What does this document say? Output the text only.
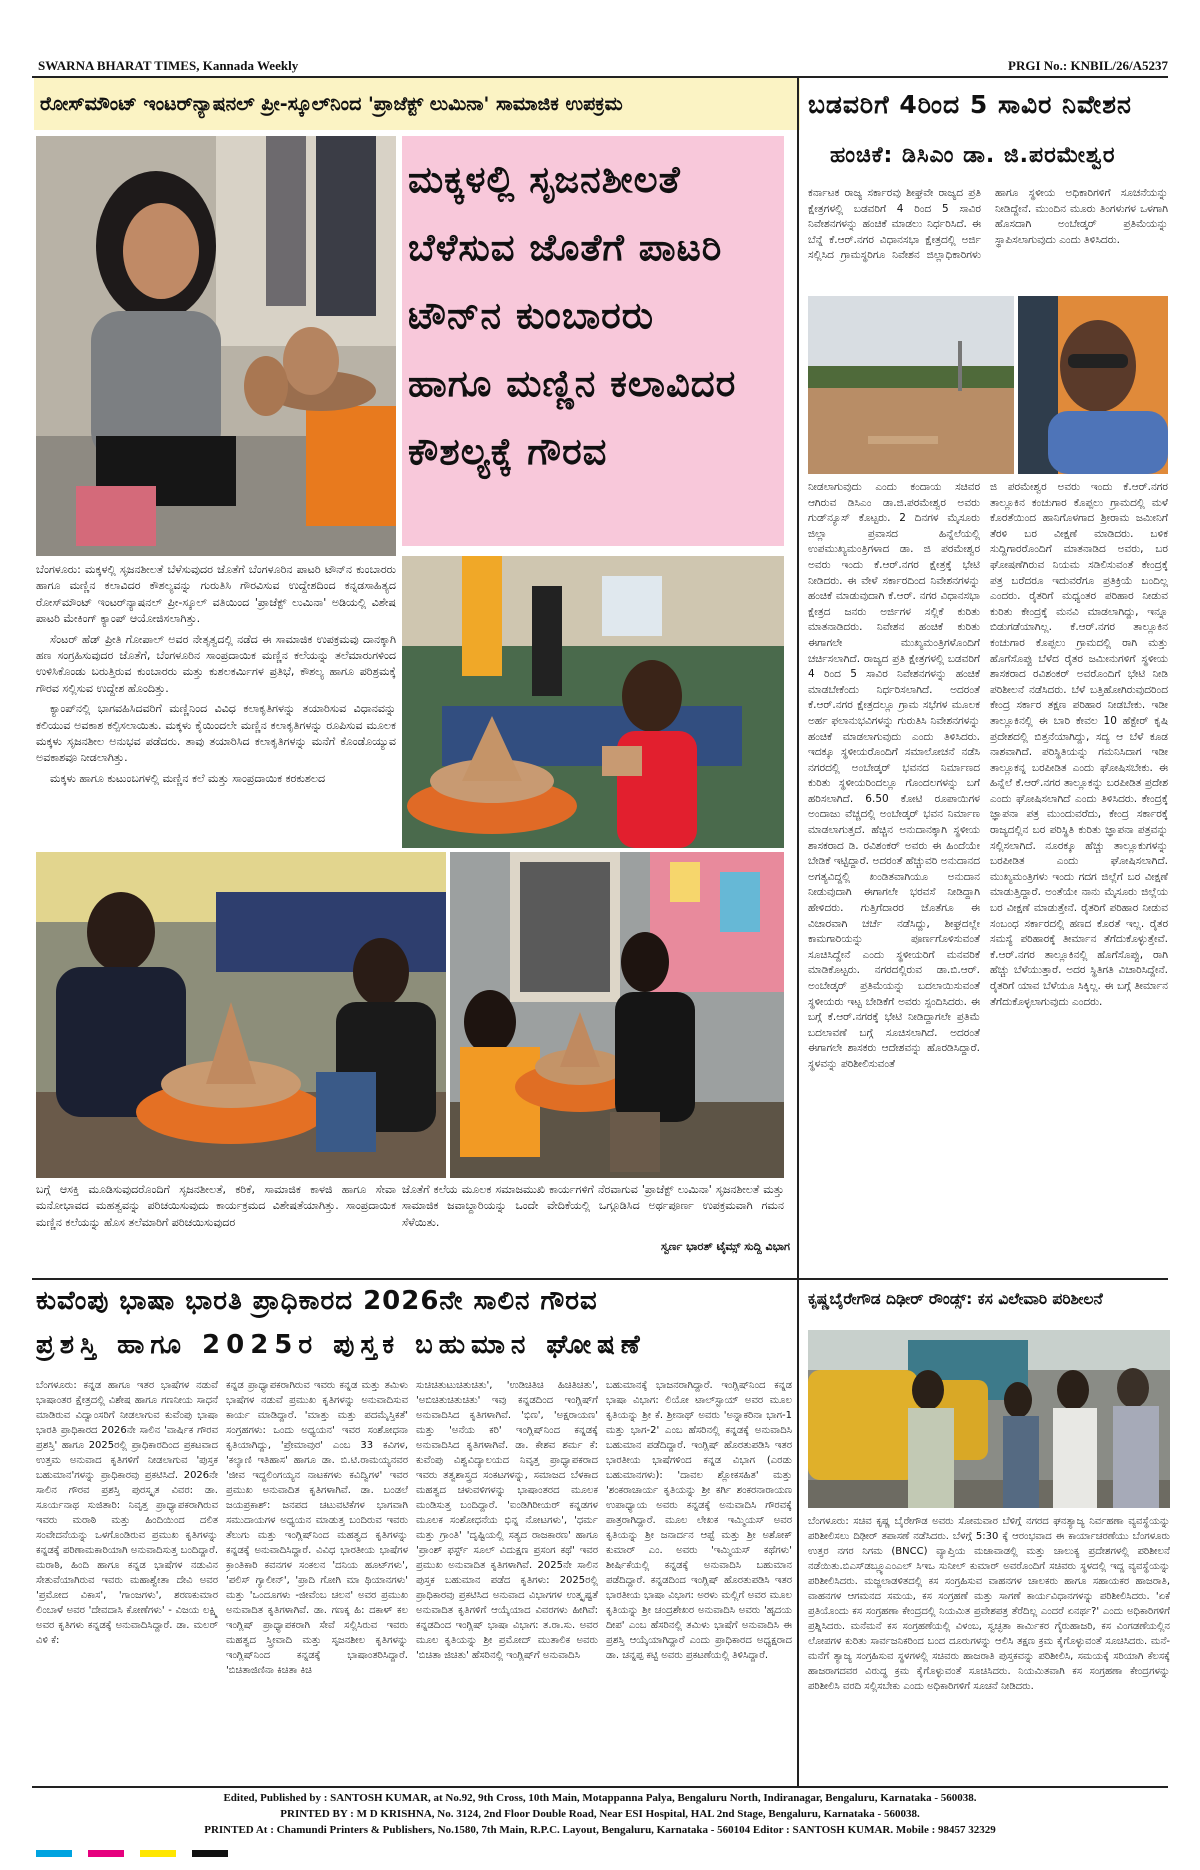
SWARNA BHARAT TIMES, Kannada Weekly	PRGI No.: KNBIL/26/A5237
ರೋಸ್‌ಮೌಂಟ್ ಇಂಟರ್‌ನ್ಯಾಷನಲ್ ಪ್ರೀ-ಸ್ಕೂಲ್‌ನಿಂದ 'ಪ್ರಾಜೆಕ್ಟ್ ಲುಮಿನಾ' ಸಾಮಾಜಿಕ ಉಪಕ್ರಮ
ಮಕ್ಕಳಲ್ಲಿ ಸೃಜನಶೀಲತೆ
ಬೆಳೆಸುವ ಜೊತೆಗೆ ಪಾಟರಿ
ಟೌನ್‌ನ ಕುಂಬಾರರು
ಹಾಗೂ ಮಣ್ಣಿನ ಕಲಾವಿದರ
ಕೌಶಲ್ಯಕ್ಕೆ ಗೌರವ

ಬೆಂಗಳೂರು: ಮಕ್ಕಳಲ್ಲಿ ಸೃಜನಶೀಲತೆ ಬೆಳೆಸುವುದರ ಜೊತೆಗೆ ಬೆಂಗಳೂರಿನ ಪಾಟರಿ ಟೌನ್‌ನ ಕುಂಬಾರರು ಹಾಗೂ ಮಣ್ಣಿನ ಕಲಾವಿದರ ಕೌಶಲ್ಯವನ್ನು ಗುರುತಿಸಿ ಗೌರವಿಸುವ ಉದ್ದೇಶದಿಂದ ಕನ್ನಡಸಾಹಿತ್ಯದ ರೋಸ್‌ಮೌಂಟ್ ಇಂಟರ್‌ನ್ಯಾಷನಲ್ ಪ್ರೀ-ಸ್ಕೂಲ್ ವತಿಯಿಂದ 'ಪ್ರಾಜೆಕ್ಟ್ ಲುಮಿನಾ' ಅಡಿಯಲ್ಲಿ ವಿಶೇಷ ಪಾಟರಿ ಮೇಕಿಂಗ್ ಕ್ಯಾಂಪ್ ಆಯೋಜಿಸಲಾಗಿತ್ತು.

ಸೆಂಟರ್ ಹೆಡ್ ಪ್ರೀತಿ ಗೋಪಾಲ್ ಅವರ ನೇತೃತ್ವದಲ್ಲಿ ನಡೆದ ಈ ಸಾಮಾಜಿಕ ಉಪಕ್ರಮವು ದಾನಕ್ಕಾಗಿ ಹಣ ಸಂಗ್ರಹಿಸುವುದರ ಜೊತೆಗೆ, ಬೆಂಗಳೂರಿನ ಸಾಂಪ್ರದಾಯಿಕ ಮಣ್ಣಿನ ಕಲೆಯನ್ನು ತಲೆಮಾರುಗಳಿಂದ ಉಳಿಸಿಕೊಂಡು ಬರುತ್ತಿರುವ ಕುಂಬಾರರು ಮತ್ತು ಕುಶಲಕರ್ಮಿಗಳ ಪ್ರತಿಭೆ, ಕೌಶಲ್ಯ ಹಾಗೂ ಪರಿಶ್ರಮಕ್ಕೆ ಗೌರವ ಸಲ್ಲಿಸುವ ಉದ್ದೇಶ ಹೊಂದಿತ್ತು.

ಕ್ಯಾಂಪ್‌ನಲ್ಲಿ ಭಾಗವಹಿಸಿದವರಿಗೆ ಮಣ್ಣಿನಿಂದ ವಿವಿಧ ಕಲಾಕೃತಿಗಳನ್ನು ತಯಾರಿಸುವ ವಿಧಾನವನ್ನು ಕಲಿಯುವ ಅವಕಾಶ ಕಲ್ಪಿಸಲಾಯಿತು. ಮಕ್ಕಳು ಕೈಯಿಂದಲೇ ಮಣ್ಣಿನ ಕಲಾಕೃತಿಗಳನ್ನು ರೂಪಿಸುವ ಮೂಲಕ ಮಕ್ಕಳು ಸೃಜನಶೀಲ ಅನುಭವ ಪಡೆದರು. ತಾವು ತಯಾರಿಸಿದ ಕಲಾಕೃತಿಗಳನ್ನು ಮನೆಗೆ ಕೊಂಡೊಯ್ಯುವ ಅವಕಾಶವೂ ನೀಡಲಾಗಿತ್ತು.

ಮಕ್ಕಳು ಹಾಗೂ ಕುಟುಂಬಗಳಲ್ಲಿ ಮಣ್ಣಿನ ಕಲೆ ಮತ್ತು ಸಾಂಪ್ರದಾಯಿಕ ಕರಕುಶಲದ

ಬಗ್ಗೆ ಆಸಕ್ತಿ ಮೂಡಿಸುವುದರೊಂದಿಗೆ ಸೃಜನಶೀಲತೆ, ಕರಿಕೆ, ಸಾಮಾಜಿಕ ಕಾಳಜಿ ಹಾಗೂ ಸೇವಾ ಮನೋಭಾವದ ಮಹತ್ವವನ್ನು ಪರಿಚಯಿಸುವುದು ಕಾರ್ಯಕ್ರಮದ ವಿಶೇಷತೆಯಾಗಿತ್ತು. ಸಾಂಪ್ರದಾಯಿಕ ಮಣ್ಣಿನ ಕಲೆಯನ್ನು ಹೊಸ ತಲೆಮಾರಿಗೆ ಪರಿಚಯಿಸುವುದರ
ಜೊತೆಗೆ ಕಲೆಯ ಮೂಲಕ ಸಮಾಜಮುಖಿ ಕಾರ್ಯಗಳಿಗೆ ನೆರವಾಗುವ 'ಪ್ರಾಜೆಕ್ಟ್ ಲುಮಿನಾ' ಸೃಜನಶೀಲತೆ ಮತ್ತು ಸಾಮಾಜಿಕ ಜವಾಬ್ದಾರಿಯನ್ನು ಒಂದೇ ವೇದಿಕೆಯಲ್ಲಿ ಒಗ್ಗೂಡಿಸಿದ ಅರ್ಥಪೂರ್ಣ ಉಪಕ್ರಮವಾಗಿ ಗಮನ ಸೆಳೆಯಿತು.
ಸ್ವರ್ಣ ಭಾರತ್ ಟೈಮ್ಸ್ ಸುದ್ದಿ ವಿಭಾಗ
ಬಡವರಿಗೆ 4ರಿಂದ 5 ಸಾವಿರ ನಿವೇಶನ
ಹಂಚಿಕೆ: ಡಿಸಿಎಂ ಡಾ. ಜಿ.ಪರಮೇಶ್ವರ
ಕರ್ನಾಟಕ ರಾಜ್ಯ ಸರ್ಕಾರವು ಶೀಘ್ರವೇ ರಾಜ್ಯದ ಪ್ರತಿ ಕ್ಷೇತ್ರಗಳಲ್ಲಿ ಬಡವರಿಗೆ 4 ರಿಂದ 5 ಸಾವಿರ ನಿವೇಶನಗಳನ್ನು ಹಂಚಿಕೆ ಮಾಡಲು ನಿರ್ಧರಿಸಿದೆ. ಈ ಬೆನ್ನೆ ಕೆ.ಆರ್.ನಗರ ವಿಧಾನಸಭಾ ಕ್ಷೇತ್ರದಲ್ಲಿ ಅರ್ಜಿ ಸಲ್ಲಿಸಿದ ಗ್ರಾಮಸ್ಥರಿಗೂ ನಿವೇಶನ ಜಿಲ್ಲಾಧಿಕಾರಿಗಳು ಹಾಗೂ ಸ್ಥಳೀಯ ಅಧಿಕಾರಿಗಳಿಗೆ ಸೂಚನೆಯನ್ನು ನೀಡಿದ್ದೇನೆ. ಮುಂದಿನ ಮೂರು ತಿಂಗಳುಗಳ ಒಳಗಾಗಿ ಹೊಸದಾಗಿ ಅಂಬೇಡ್ಕರ್ ಪ್ರತಿಮೆಯನ್ನು ಸ್ಥಾಪಿಸಲಾಗುವುದು ಎಂದು ತಿಳಿಸಿದರು.
ನೀಡಲಾಗುವುದು ಎಂದು ಕಂದಾಯ ಸಚಿವರ ಆಗಿರುವ ಡಿಸಿಎಂ ಡಾ.ಜಿ.ಪರಮೇಶ್ವರ ಅವರು ಗುಡ್‌ನ್ಯೂಸ್ ಕೊಟ್ಟರು. 2 ದಿನಗಳ ಮೈಸೂರು ಜಿಲ್ಲಾ ಪ್ರವಾಸದ ಹಿನ್ನೆಲೆಯಲ್ಲಿ ಉಪಮುಖ್ಯಮಂತ್ರಿಗಳಾದ ಡಾ. ಜಿ ಪರಮೇಶ್ವರ ಅವರು ಇಂದು ಕೆ.ಆರ್.ನಗರ ಕ್ಷೇತ್ರಕ್ಕೆ ಭೇಟಿ ನೀಡಿದರು. ಈ ವೇಳೆ ಸರ್ಕಾರದಿಂದ ನಿವೇಶನಗಳನ್ನು ಹಂಚಿಕೆ ಮಾಡುವುದಾಗಿ ಕೆ.ಆರ್. ನಗರ ವಿಧಾನಸಭಾ ಕ್ಷೇತ್ರದ ಜನರು ಅರ್ಜಿಗಳ ಸಲ್ಲಿಕೆ ಕುರಿತು ಮಾತನಾಡಿದರು. ನಿವೇಶನ ಹಂಚಿಕೆ ಕುರಿತು ಈಗಾಗಲೇ ಮುಖ್ಯಮಂತ್ರಿಗಳೊಂದಿಗೆ ಚರ್ಚಿಸಲಾಗಿದೆ. ರಾಜ್ಯದ ಪ್ರತಿ ಕ್ಷೇತ್ರಗಳಲ್ಲಿ ಬಡವರಿಗೆ 4 ರಿಂದ 5 ಸಾವಿರ ನಿವೇಶನಗಳನ್ನು ಹಂಚಿಕೆ ಮಾಡಬೇಕೆಂದು ನಿರ್ಧರಿಸಲಾಗಿದೆ. ಅದರಂತೆ ಕೆ.ಆರ್.ನಗರ ಕ್ಷೇತ್ರದಲ್ಲೂ ಗ್ರಾಮ ಸಭೆಗಳ ಮೂಲಕ ಅರ್ಹ ಫಲಾನುಭವಿಗಳನ್ನು ಗುರುತಿಸಿ ನಿವೇಶನಗಳನ್ನು ಹಂಚಿಕೆ ಮಾಡಲಾಗುವುದು ಎಂದು ತಿಳಿಸಿದರು. ಇದಕ್ಕೂ ಸ್ಥಳೀಯರೊಂದಿಗೆ ಸಮಾಲೋಚನೆ ನಡೆಸಿ ನಗರದಲ್ಲಿ ಅಂಬೇಡ್ಕರ್ ಭವನದ ನಿರ್ಮಾಣದ ಕುರಿತು ಸ್ಥಳೀಯರಿಂದಲ್ಲೂ ಗೊಂದಲಗಳನ್ನು ಬಗೆ ಹರಿಸಲಾಗಿದೆ. 6.50 ಕೋಟಿ ರೂಪಾಯಿಗಳ ಅಂದಾಜು ವೆಚ್ಚದಲ್ಲಿ ಅಂಬೇಡ್ಕರ್ ಭವನ ನಿರ್ಮಾಣ ಮಾಡಲಾಗುತ್ತದೆ. ಹೆಚ್ಚಿನ ಅನುದಾನಕ್ಕಾಗಿ ಸ್ಥಳೀಯ ಶಾಸಕರಾದ ಡಿ. ರವಿಶಂಕರ್ ಅವರು ಈ ಹಿಂದೆಯೇ ಬೇಡಿಕೆ ಇಟ್ಟಿದ್ದಾರೆ. ಅದರಂತೆ ಹೆಚ್ಚುವರಿ ಅನುದಾನದ ಅಗತ್ಯವಿದ್ದಲ್ಲಿ ಖಂಡಿತವಾಗಿಯೂ ಅನುದಾನ ನೀಡುವುದಾಗಿ ಈಗಾಗಲೇ ಭರವಸೆ ನೀಡಿದ್ದಾಗಿ ಹೇಳಿದರು. ಗುತ್ತಿಗೆದಾರರ ಜೊತೆಗೂ ಈ ವಿಚಾರವಾಗಿ ಚರ್ಚೆ ನಡೆಸಿದ್ದು, ಶೀಘ್ರದಲ್ಲೇ ಕಾಮಗಾರಿಯನ್ನು ಪೂರ್ಣಗೊಳಿಸುವಂತೆ ಸೂಚಿಸಿದ್ದೇನೆ ಎಂದು ಸ್ಥಳೀಯರಿಗೆ ಮನವರಿಕೆ ಮಾಡಿಕೊಟ್ಟರು. ನಗರದಲ್ಲಿರುವ ಡಾ.ಬಿ.ಆರ್. ಅಂಬೇಡ್ಕರ್ ಪ್ರತಿಮೆಯನ್ನು ಬದಲಾಯಿಸುವಂತೆ ಸ್ಥಳೀಯರು ಇಟ್ಟ ಬೇಡಿಕೆಗೆ ಅವರು ಸ್ಪಂದಿಸಿದರು. ಈ ಬಗ್ಗೆ ಕೆ.ಆರ್.ನಗರಕ್ಕೆ ಭೇಟಿ ನೀಡಿದ್ದಾಗಲೇ ಪ್ರತಿಮೆ ಬದಲಾವಣೆ ಬಗ್ಗೆ ಸೂಚಿಸಲಾಗಿದೆ. ಅದರಂತೆ ಈಗಾಗಲೇ ಶಾಸಕರು ಆದೇಶವನ್ನು ಹೊರಡಿಸಿದ್ದಾರೆ. ಸ್ಥಳವನ್ನು ಪರಿಶೀಲಿಸುವಂತೆ
ಜಿ ಪರಮೇಶ್ವರ ಅವರು ಇಂದು ಕೆ.ಆರ್.ನಗರ ತಾಲ್ಲೂಕಿನ ಕಂಚುಗಾರ ಕೊಪ್ಪಲು ಗ್ರಾಮದಲ್ಲಿ ಮಳೆ ಕೊರತೆಯಿಂದ ಹಾನಿಗೊಳಗಾದ ಶ್ರೀರಾಮ ಜಮೀನಿಗೆ ತೆರಳಿ ಬರ ವೀಕ್ಷಣೆ ಮಾಡಿದರು. ಬಳಿಕ ಸುದ್ದಿಗಾರರೊಂದಿಗೆ ಮಾತನಾಡಿದ ಅವರು, ಬರ ಘೋಷಣೆಗಿರುವ ನಿಯಮ ಸಡಿಲಿಸುವಂತೆ ಕೇಂದ್ರಕ್ಕೆ ಪತ್ರ ಬರೆದರೂ ಇದುವರೆಗೂ ಪ್ರತಿಕ್ರಿಯೆ ಬಂದಿಲ್ಲ ಎಂದರು. ರೈತರಿಗೆ ಮಧ್ಯಂತರ ಪರಿಹಾರ ನೀಡುವ ಕುರಿತು ಕೇಂದ್ರಕ್ಕೆ ಮನವಿ ಮಾಡಲಾಗಿದ್ದು, ಇನ್ನೂ ಬಿಡುಗಡೆಯಾಗಿಲ್ಲ. ಕೆ.ಆರ್.ನಗರ ತಾಲ್ಲೂಕಿನ ಕಂಚುಗಾರ ಕೊಪ್ಪಲು ಗ್ರಾಮದಲ್ಲಿ ರಾಗಿ ಮತ್ತು ಹೊಗೆಸೊಪ್ಪು ಬೆಳೆದ ರೈತರ ಜಮೀನುಗಳಿಗೆ ಸ್ಥಳೀಯ ಶಾಸಕರಾದ ರವಿಶಂಕರ್ ಅವರೊಂದಿಗೆ ಭೇಟಿ ನೀಡಿ ಪರಿಶೀಲನೆ ನಡೆಸಿದರು. ಬೆಳೆ ಬತ್ತಿಹೋಗಿರುವುದರಿಂದ ಕೇಂದ್ರ ಸರ್ಕಾರ ತಕ್ಷಣ ಪರಿಹಾರ ನೀಡಬೇಕು. ಇಡೀ ತಾಲ್ಲೂಕಿನಲ್ಲಿ ಈ ಬಾರಿ ಕೇವಲ 10 ಹೆಕ್ಟೇರ್ ಕೃಷಿ ಪ್ರದೇಶದಲ್ಲಿ ಬಿತ್ತನೆಯಾಗಿದ್ದು, ಸದ್ಯ ಆ ಬೆಳೆ ಕೂಡ ನಾಶವಾಗಿದೆ. ಪರಿಸ್ಥಿತಿಯನ್ನು ಗಮನಿಸಿದಾಗ ಇಡೀ ತಾಲ್ಲೂಕನ್ನ ಬರಪೀಡಿತ ಎಂದು ಘೋಷಿಸಬೇಕು. ಈ ಹಿನ್ನೆಲೆ ಕೆ.ಆರ್.ನಗರ ತಾಲ್ಲೂಕನ್ನು ಬರಪೀಡಿತ ಪ್ರದೇಶ ಎಂದು ಘೋಷಿಸಲಾಗಿದೆ ಎಂದು ತಿಳಿಸಿದರು. ಕೇಂದ್ರಕ್ಕೆ ಜ್ಞಾಪನಾ ಪತ್ರ ಮುಂದುವರೆದು, ಕೇಂದ್ರ ಸರ್ಕಾರಕ್ಕೆ ರಾಜ್ಯದಲ್ಲಿನ ಬರ ಪರಿಸ್ಥಿತಿ ಕುರಿತು ಜ್ಞಾಪನಾ ಪತ್ರವನ್ನು ಸಲ್ಲಿಸಲಾಗಿದೆ. ನೂರಕ್ಕೂ ಹೆಚ್ಚು ತಾಲ್ಲೂಕುಗಳನ್ನು ಬರಪೀಡಿತ ಎಂದು ಘೋಷಿಸಲಾಗಿದೆ. ಮುಖ್ಯಮಂತ್ರಿಗಳು ಇಂದು ಗದಗ ಜಿಲ್ಲೆಗೆ ಬರ ವೀಕ್ಷಣೆ ಮಾಡುತ್ತಿದ್ದಾರೆ. ಅಂತೆಯೇ ನಾನು ಮೈಸೂರು ಜಿಲ್ಲೆಯ ಬರ ವೀಕ್ಷಣೆ ಮಾಡುತ್ತೇನೆ. ರೈತರಿಗೆ ಪರಿಹಾರ ನೀಡುವ ಸಂಬಂಧ ಸರ್ಕಾರದಲ್ಲಿ ಹಣದ ಕೊರತೆ ಇಲ್ಲ. ರೈತರ ಸಮಸ್ಯೆ ಪರಿಹಾರಕ್ಕೆ ತೀರ್ಮಾನ ತೆಗೆದುಕೊಳ್ಳುತ್ತೇವೆ. ಕೆ.ಆರ್.ನಗರ ತಾಲ್ಲೂಕಿನಲ್ಲಿ ಹೊಗೆಸೊಪ್ಪು, ರಾಗಿ ಹೆಚ್ಚು ಬೆಳೆಯುತ್ತಾರೆ. ಅದರ ಸ್ಥಿತಿಗತಿ ವಿಚಾರಿಸಿದ್ದೇನೆ. ರೈತರಿಗೆ ಯಾವ ಬೆಳೆಯೂ ಸಿಕ್ಕಿಲ್ಲ. ಈ ಬಗ್ಗೆ ತೀರ್ಮಾನ ತೆಗೆದುಕೊಳ್ಳಲಾಗುವುದು ಎಂದರು.
ಕುವೆಂಪು ಭಾಷಾ ಭಾರತಿ ಪ್ರಾಧಿಕಾರದ 2026ನೇ ಸಾಲಿನ ಗೌರವ
ಪ್ರಶಸ್ತಿ ಹಾಗೂ 2025ರ ಪುಸ್ತಕ ಬಹುಮಾನ ಘೋಷಣೆ
ಬೆಂಗಳೂರು: ಕನ್ನಡ ಹಾಗೂ ಇತರ ಭಾಷೆಗಳ ನಡುವೆ ಭಾಷಾಂತರ ಕ್ಷೇತ್ರದಲ್ಲಿ ವಿಶೇಷ ಹಾಗೂ ಗಣನೀಯ ಸಾಧನೆ ಮಾಡಿರುವ ವಿದ್ವಾಂಸರಿಗೆ ನೀಡಲಾಗುವ ಕುವೆಂಪು ಭಾಷಾ ಭಾರತಿ ಪ್ರಾಧಿಕಾರದ 2026ನೇ ಸಾಲಿನ 'ವಾರ್ಷಿಕ ಗೌರವ ಪ್ರಶಸ್ತಿ' ಹಾಗೂ 2025ರಲ್ಲಿ ಪ್ರಾಧಿಕಾರದಿಂದ ಪ್ರಕಟವಾದ ಉತ್ತಮ ಅನುವಾದ ಕೃತಿಗಳಿಗೆ ನೀಡಲಾಗುವ 'ಪುಸ್ತಕ ಬಹುಮಾನ'ಗಳನ್ನು ಪ್ರಾಧಿಕಾರವು ಪ್ರಕಟಿಸಿದೆ. 2026ನೇ ಸಾಲಿನ ಗೌರವ ಪ್ರಶಸ್ತಿ ಪುರಸ್ಕೃತ ವಿವರ: ಡಾ. ಸೂರ್ಯನಾಥ ಸುಜಿತಾರಿ: ನಿವೃತ್ತ ಪ್ರಾಧ್ಯಾಪಕರಾಗಿರುವ ಇವರು ಮರಾಠಿ ಮತ್ತು ಹಿಂದಿಯಿಂದ ದಲಿತ ಸಂವೇದನೆಯನ್ನು ಒಳಗೊಂಡಿರುವ ಪ್ರಮುಖ ಕೃತಿಗಳನ್ನು ಕನ್ನಡಕ್ಕೆ ಪರಿಣಾಮಕಾರಿಯಾಗಿ ಅನುವಾದಿಸುತ್ತ ಬಂದಿದ್ದಾರೆ. ಮರಾಠಿ, ಹಿಂದಿ ಹಾಗೂ ಕನ್ನಡ ಭಾಷೆಗಳ ನಡುವಿನ ಸೇತುವೆಯಾಗಿರುವ ಇವರು ಮಹಾಶ್ವೇತಾ ದೇವಿ ಅವರ 'ಪ್ರಮೋದ ವಿಕಾಸ', 'ಗಾಂಜಗಳು', ಶರಣಕುಮಾರ ಲಿಂಬಾಳೆ ಅವರ 'ದೇವದಾಸಿ ಕೋಣೆಗಳು' - ವಿಜಯ ಲಕ್ಷ್ಮಿ ಅವರ ಕೃತಿಗಳು ಕನ್ನಡಕ್ಕೆ ಅನುವಾದಿಸಿದ್ದಾರೆ. ಡಾ. ಮಲರ್ ವಿಳಿ ಕೆ:
ಕನ್ನಡ ಪ್ರಾಧ್ಯಾಪಕರಾಗಿರುವ ಇವರು ಕನ್ನಡ ಮತ್ತು ತಮಿಳು ಭಾಷೆಗಳ ನಡುವೆ ಪ್ರಮುಖ ಕೃತಿಗಳನ್ನು ಅನುವಾದಿಸುವ ಕಾರ್ಯ ಮಾಡಿದ್ದಾರೆ. 'ಮಾತ್ತು ಮತ್ತು ಪದಮೈಸ್ತಿಕತೆ' ಸಂಗ್ರಹಗಳು: ಒಂದು ಅಧ್ಯಯನ' ಇವರ ಸಂಶೋಧನಾ ಕೃತಿಯಾಗಿದ್ದು, 'ಪ್ರೇಮಾವುರ' ಎಂಬ 33 ಕವಿಗಳ, 'ಕಲ್ಯಾಣಿ ಇತಿಹಾಸ' ಹಾಗೂ ಡಾ. ಬಿ.ಟಿ.ರಾಮಯ್ಯನವರ 'ಜೀವ ಇದ್ದಲಿಂಗಯ್ಯನ ನಾಟಕಗಳು ಕವಿದ್ವಿಗಳ' ಇವರ ಪ್ರಮುಖ ಅನುವಾದಿತ ಕೃತಿಗಳಾಗಿವೆ. ಡಾ. ಬಂಡಲೆ ಜಯಪ್ರಕಾಶ್: ಜನಪದ ಚಟುವಟಿಕೆಗಳ ಭಾಗವಾಗಿ ಸಮುದಾಯಗಳ ಅಧ್ಯಯನ ಮಾಡುತ್ತ ಬಂದಿರುವ ಇವರು ತೆಲುಗು ಮತ್ತು ಇಂಗ್ಲಿಷ್‌ನಿಂದ ಮಹತ್ವದ ಕೃತಿಗಳನ್ನು ಕನ್ನಡಕ್ಕೆ ಅನುವಾದಿಸಿದ್ದಾರೆ. ವಿವಿಧ ಭಾರತೀಯ ಭಾಷೆಗಳ ಕ್ರಾಂತಿಕಾರಿ ಕವನಗಳ ಸಂಕಲನ 'ದನಿಯ ಹೂಟ್‌ಗಳು', 'ಪಲಿಸ್ ಗ್ಯಾಲೀನ್', 'ಪ್ರಾದಿ ಗೋಗಿ ಮಾ ಥಿಯಾನಗಳು' ಮತ್ತು 'ಒಂದೂಗಳು -ಜೀವೆಂಬ ಚಲನ' ಅವರ ಪ್ರಮುಖ ಅನುವಾದಿತ ಕೃತಿಗಳಾಗಿವೆ. ಡಾ. ಗಣಕ್ಕ ಹಿ: ದಕಾಳ್ ಕಲ ಇಂಗ್ಲಿಷ್ ಪ್ರಾಧ್ಯಾಪಕರಾಗಿ ಸೇವೆ ಸಲ್ಲಿಸಿರುವ ಇವರು ಮಹತ್ವದ ಸ್ತ್ರೀವಾದಿ ಮತ್ತು ಸೃಜನಶೀಲ ಕೃತಿಗಳನ್ನು ಇಂಗ್ಲಿಷ್‌ನಿಂದ ಕನ್ನಡಕ್ಕೆ ಭಾಷಾಂತರಿಸಿದ್ದಾರೆ. 'ಬಿಚಿತಾಜಿಣಿನಾ ಕಿಚಿತಾ ಕಿಚಿ
ಸುಚಿಚಿತುಟುಚಿತುಚಿತು', 'ಉಡಿಚಿತಿಚಿ ಹಿಚಿತಿಚಿತು', 'ಅಬಿಚಿತುಚಿತುಚಿತು' ಇವು ಕನ್ನಡದಿಂದ ಇಂಗ್ಲಿಷ್‌ಗೆ ಅನುವಾದಿಸಿದ ಕೃತಿಗಳಾಗಿವೆ. 'ಭಿಣ', 'ಅಕ್ಷರಾಯಣ' ಮತ್ತು 'ಅನೆಯ ಕರಿ' ಇಂಗ್ಲಿಷ್‌ನಿಂದ ಕನ್ನಡಕ್ಕೆ ಅನುವಾದಿಸಿದ ಕೃತಿಗಳಾಗಿವೆ. ಡಾ. ಕೇಶವ ಶರ್ಮ ಕೆ: ಕುವೆಂಪು ವಿಶ್ವವಿದ್ಯಾಲಯದ ನಿವೃತ್ತ ಪ್ರಾಧ್ಯಾಪಕರಾದ ಇವರು ತತ್ವಶಾಸ್ತ್ರದ ಸಂಕಟಗಳನ್ನು, ಸಮಾಜದ ಬೆಳಕಾದ ಮಹತ್ವದ ಚಳುವಳಿಗಳನ್ನು ಭಾಷಾಂತರದ ಮೂಲಕ ಮಂಡಿಸುತ್ತ ಬಂದಿದ್ದಾರೆ. 'ಐಂಡಿಗಿರೀಯರ್ ಕನ್ನಡಗಳ ಮೂಲಕ ಸಂಶೋಧನೆಯ ಭಿನ್ನ ನೋಟಗಳು', 'ಧರ್ಮ ಮತ್ತು ಗ್ರಾಂತಿ' 'ದೃಷ್ಟಿಯಲ್ಲಿ ಸತ್ಯದ ರಾಜಕಾರಣ' ಹಾಗೂ 'ಪ್ರಾಂಶ್ ಫರ್ಸ್ಟ್ ಸೂಲ್ ವಿದುಕ್ಷಣ ಪ್ರಸಂಗ ಕಥೆ' ಇವರ ಪ್ರಮುಖ ಅನುವಾದಿತ ಕೃತಿಗಳಾಗಿವೆ. 2025ನೇ ಸಾಲಿನ ಪುಸ್ತಕ ಬಹುಮಾನ ಪಡೆದ ಕೃತಿಗಳು: 2025ರಲ್ಲಿ ಪ್ರಾಧಿಕಾರವು ಪ್ರಕಟಿಸಿದ ಅನುವಾದ ವಿಭಾಗಗಳ ಉತ್ಕೃಷ್ಟತೆ ಅನುವಾದಿತ ಕೃತಿಗಳಿಗೆ ಆಯ್ಕೆಯಾದ ವಿವರಗಳು ಹೀಗಿವೆ: ಕನ್ನಡದಿಂದ ಇಂಗ್ಲಿಷ್ ಭಾಷಾ ವಿಭಾಗ: ತ.ರಾ.ಸು. ಅವರ ಮೂಲ ಕೃತಿಯನ್ನು ಶ್ರೀ ಪ್ರಮೋದ್ ಮುತಾಲಿಕ ಅವರು 'ಬಿಚಿತಾ ಜಿಚಿತು' ಹೆಸರಿನಲ್ಲಿ ಇಂಗ್ಲಿಷ್‌ಗೆ ಅನುವಾದಿಸಿ
ಬಹುಮಾನಕ್ಕೆ ಭಾಜನರಾಗಿದ್ದಾರೆ. ಇಂಗ್ಲಿಷ್‌ನಿಂದ ಕನ್ನಡ ಭಾಷಾ ವಿಭಾಗ: ಲಿಯೋ ಟಾಲ್‌ಸ್ಟಾಯ್ ಅವರ ಮೂಲ ಕೃತಿಯನ್ನು ಶ್ರೀ ಕೆ. ಶ್ರೀನಾಥ್ ಅವರು 'ಅನ್ನಾಕರಿನಾ ಭಾಗ-1 ಮತ್ತು ಭಾಗ-2' ಎಂಬ ಹೆಸರಿನಲ್ಲಿ ಕನ್ನಡಕ್ಕೆ ಅನುವಾದಿಸಿ ಬಹುಮಾನ ಪಡೆದಿದ್ದಾರೆ. ಇಂಗ್ಲಿಷ್ ಹೊರತುಪಡಿಸಿ ಇತರ ಭಾರತೀಯ ಭಾಷೆಗಳಿಂದ ಕನ್ನಡ ವಿಭಾಗ (ಎರಡು ಬಹುಮಾನಗಳು): 'ದಾವಲ ಶ್ಲೋಕಸಹಿತ' ಮತ್ತು 'ಶಂಕರಾಚಾರ್ಯ ಕೃತಿಯನ್ನು ಶ್ರೀ ಕರ್ಗಿ ಶಂಕರನಾರಾಯಣ ಉಪಾಧ್ಯಾಯ ಅವರು ಕನ್ನಡಕ್ಕೆ ಅನುವಾದಿಸಿ ಗೌರವಕ್ಕೆ ಪಾತ್ರರಾಗಿದ್ದಾರೆ. ಮೂಲ ಲೇಖಕ ಇಮ್ಮಿಯಸ್ ಅವರ ಕೃತಿಯನ್ನು ಶ್ರೀ ಜನಾರ್ದನ ಆಪ್ಟೆ ಮತ್ತು ಶ್ರೀ ಅಶೋಕ್ ಕುಮಾರ್ ಎಂ. ಅವರು 'ಇಮ್ಮಿಯಸ್ ಕಥೆಗಳು' ಶೀರ್ಷಿಕೆಯಲ್ಲಿ ಕನ್ನಡಕ್ಕೆ ಅನುವಾದಿಸಿ ಬಹುಮಾನ ಪಡೆದಿದ್ದಾರೆ. ಕನ್ನಡದಿಂದ ಇಂಗ್ಲಿಷ್ ಹೊರತುಪಡಿಸಿ ಇತರ ಭಾರತೀಯ ಭಾಷಾ ವಿಭಾಗ: ಅರಳು ಮಲ್ಲಿಗೆ ಅವರ ಮೂಲ ಕೃತಿಯನ್ನು ಶ್ರೀ ಚಂದ್ರಶೇಖರ ಅನುವಾದಿಸಿ ಅವರು 'ಹೃದಯ ದೀಪ' ಎಂಬ ಹೆಸರಿನಲ್ಲಿ ತಮಿಳು ಭಾಷೆಗೆ ಅನುವಾದಿಸಿ ಈ ಪ್ರಶಸ್ತಿ ಆಯ್ಕೆಯಾಗಿದ್ದಾರೆ ಎಂದು ಪ್ರಾಧಿಕಾರದ ಅಧ್ಯಕ್ಷರಾದ ಡಾ. ಚನ್ನಪ್ಪ ಕಟ್ಟಿ ಅವರು ಪ್ರಕಟಣೆಯಲ್ಲಿ ತಿಳಿಸಿದ್ದಾರೆ.
ಕೃಷ್ಣಬೈರೇಗೌಡ ದಿಢೀರ್ ರೌಂಡ್ಸ್: ಕಸ ವಿಲೇವಾರಿ ಪರಿಶೀಲನೆ
ಬೆಂಗಳೂರು: ಸಚಿವ ಕೃಷ್ಣ ಬೈರೇಗೌಡ ಅವರು ಸೋಮವಾರ ಬೆಳಿಗ್ಗೆ ನಗರದ ಘನತ್ಯಾಜ್ಯ ನಿರ್ವಹಣಾ ವ್ಯವಸ್ಥೆಯನ್ನು ಪರಿಶೀಲಿಸಲು ದಿಢೀರ್ ತಪಾಸಣೆ ನಡೆಸಿದರು. ಬೆಳಗ್ಗೆ 5:30 ಕ್ಕೆ ಆರಂಭವಾದ ಈ ಕಾರ್ಯಾಚರಣೆಯು ಬೆಂಗಳೂರು ಉತ್ತರ ನಗರ ನಿಗಮ (BNCC) ವ್ಯಾಪ್ತಿಯ ಮಜಾವಾಡಲ್ಲಿ ಮತ್ತು ಚಾಲುಕ್ಯ ಪ್ರದೇಶಗಳಲ್ಲಿ ಪರಿಶೀಲನೆ ನಡೆಯಿತು.ಬಿಎಸ್‌ಡಬ್ಲ್ಯೂಎಂಎಲ್ ಸಿಇಒ ಸುನೀಲ್ ಕುಮಾರ್ ಅವರೊಂದಿಗೆ ಸಚಿವರು ಸ್ಥಳದಲ್ಲಿ ಇದ್ದ ವ್ಯವಸ್ಥೆಯನ್ನು ಪರಿಶೀಲಿಸಿದರು. ಮಜ್ಜಲಾಡಳಿತದಲ್ಲಿ ಕಸ ಸಂಗ್ರಹಿಸುವ ವಾಹನಗಳ ಚಾಲಕರು ಹಾಗೂ ಸಹಾಯಕರ ಹಾಜರಾತಿ, ವಾಹನಗಳ ಆಗಮನದ ಸಮಯ, ಕಸ ಸಂಗ್ರಹಣೆ ಮತ್ತು ಸಾಗಣೆ ಕಾರ್ಯವಿಧಾನಗಳನ್ನು ಪರಿಶೀಲಿಸಿದರು. 'ಏಕೆ ಪ್ರತಿಯೊಂದು ಕಸ ಸಂಗ್ರಹಣಾ ಕೇಂದ್ರದಲ್ಲಿ ನಿಯಮಿತ ಪ್ರವೇಶಪತ್ರ ತೆರೆದಿಲ್ಲ ಎಂದರೆ ಏನರ್ಥ?' ಎಂದು ಅಧಿಕಾರಿಗಳಿಗೆ ಪ್ರಶ್ನಿಸಿದರು. ಮನೆಮನೆ ಕಸ ಸಂಗ್ರಹಣೆಯಲ್ಲಿ ವಿಳಂಬ, ಸ್ವಚ್ಛತಾ ಕಾರ್ಮಿಕರ ಗೈರುಹಾಜರಿ, ಕಸ ವಿಂಗಡಣೆಯಲ್ಲಿನ ಲೋಪಗಳ ಕುರಿತು ಸಾರ್ವಜನಿಕರಿಂದ ಬಂದ ದೂರುಗಳನ್ನು ಆಲಿಸಿ ತಕ್ಷಣ ಕ್ರಮ ಕೈಗೊಳ್ಳುವಂತೆ ಸೂಚಿಸಿದರು. ಮನೆ-ಮನೆಗೆ ತ್ಯಾಜ್ಯ ಸಂಗ್ರಹಿಸುವ ಸ್ಥಳಗಳಲ್ಲಿ ಸಚಿವರು ಹಾಜರಾತಿ ಪುಸ್ತಕವನ್ನು ಪರಿಶೀಲಿಸಿ, ಸಮಯಕ್ಕೆ ಸರಿಯಾಗಿ ಕೆಲಸಕ್ಕೆ ಹಾಜರಾಗದವರ ವಿರುದ್ಧ ಕ್ರಮ ಕೈಗೊಳ್ಳುವಂತೆ ಸೂಚಿಸಿದರು. ನಿಯಮಿತವಾಗಿ ಕಸ ಸಂಗ್ರಹಣಾ ಕೇಂದ್ರಗಳನ್ನು ಪರಿಶೀಲಿಸಿ ವರದಿ ಸಲ್ಲಿಸಬೇಕು ಎಂದು ಅಧಿಕಾರಿಗಳಿಗೆ ಸೂಚನೆ ನೀಡಿದರು.
Edited, Published by : SANTOSH KUMAR, at No.92, 9th Cross, 10th Main, Motappanna Palya, Bengaluru North, Indiranagar, Bengaluru, Karnataka - 560038.
PRINTED BY : M D KRISHNA, No. 3124, 2nd Floor Double Road, Near ESI Hospital, HAL 2nd Stage, Bengaluru, Karnataka - 560038.
PRINTED At : Chamundi Printers & Publishers, No.1580, 7th Main, R.P.C. Layout, Bengaluru, Karnataka - 560104 Editor : SANTOSH KUMAR. Mobile : 98457 32329
